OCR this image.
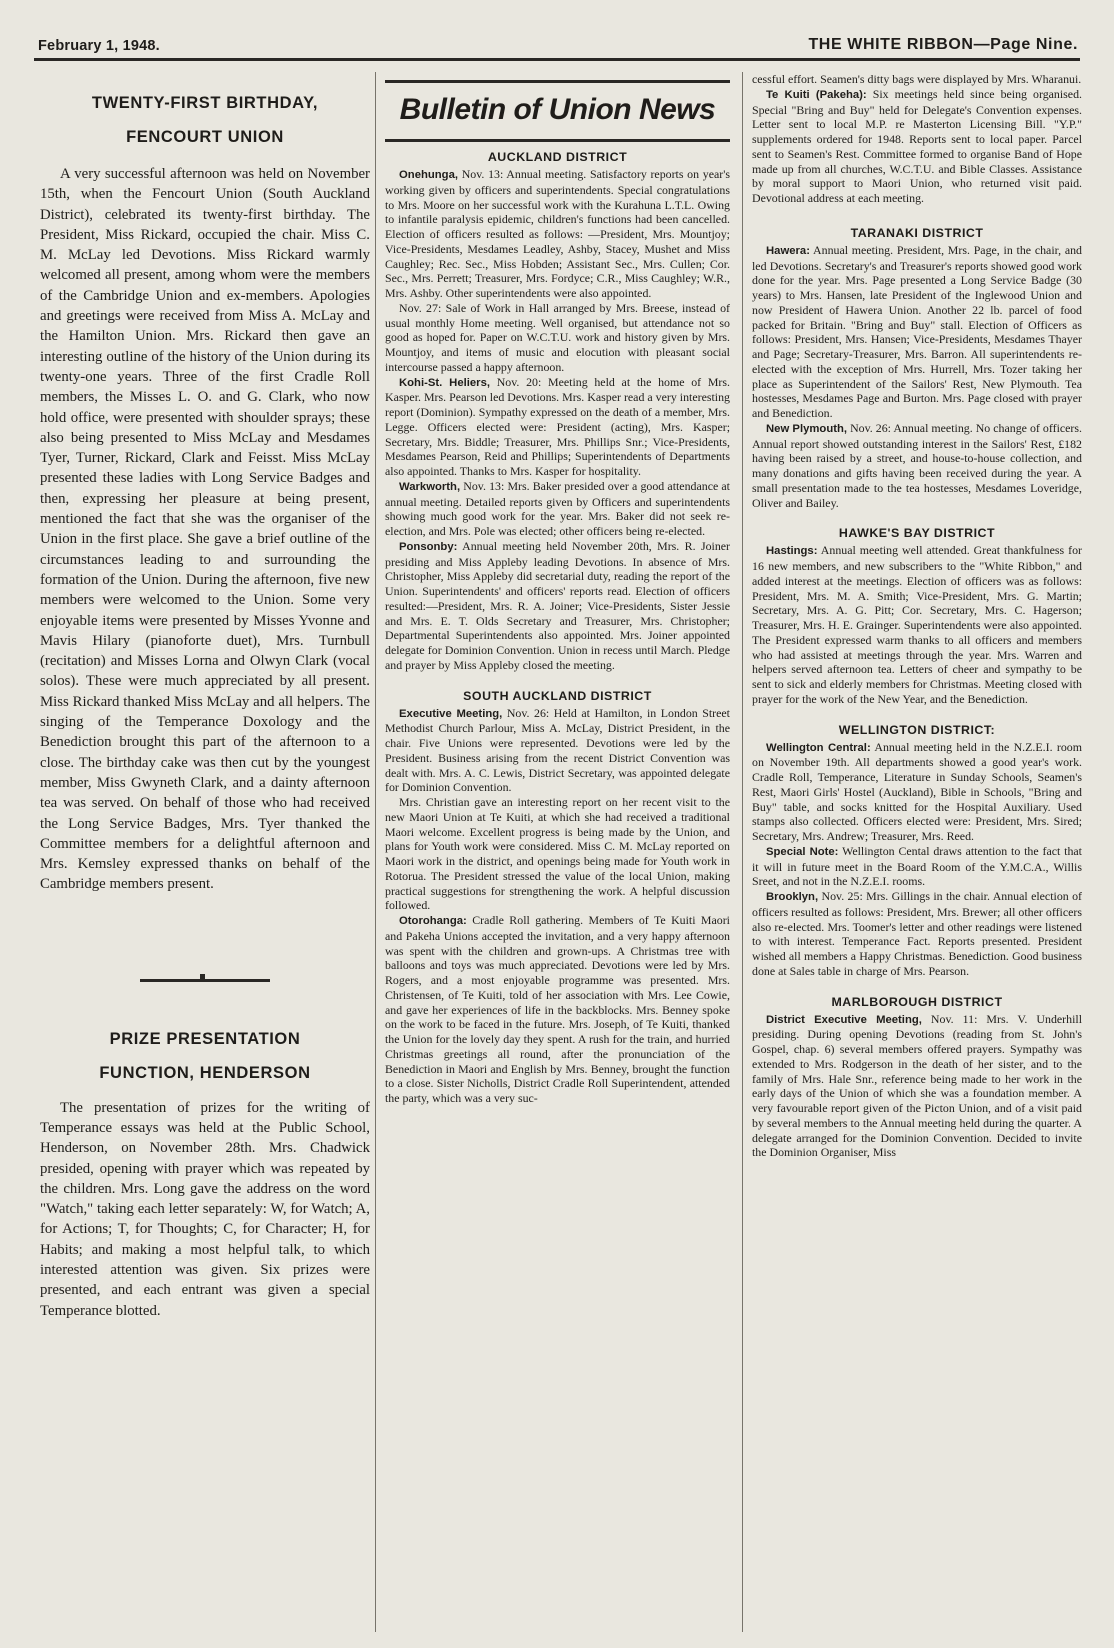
February 1, 1948.	THE WHITE RIBBON—Page Nine.
TWENTY-FIRST BIRTHDAY,
FENCOURT UNION

A very successful afternoon was held on November 15th, when the Fencourt Union (South Auckland District), celebrated its twenty-first birthday. The President, Miss Rickard, occupied the chair. Miss C. M. McLay led Devotions. Miss Rickard warmly welcomed all present, among whom were the members of the Cambridge Union and ex-members. Apologies and greetings were received from Miss A. McLay and the Hamilton Union. Mrs. Rickard then gave an interesting outline of the history of the Union during its twenty-one years. Three of the first Cradle Roll members, the Misses L. O. and G. Clark, who now hold office, were presented with shoulder sprays; these also being presented to Miss McLay and Mesdames Tyer, Turner, Rickard, Clark and Feisst. Miss McLay presented these ladies with Long Service Badges and then, expressing her pleasure at being present, mentioned the fact that she was the organiser of the Union in the first place. She gave a brief outline of the circumstances leading to and surrounding the formation of the Union. During the afternoon, five new members were welcomed to the Union. Some very enjoyable items were presented by Misses Yvonne and Mavis Hilary (pianoforte duet), Mrs. Turnbull (recitation) and Misses Lorna and Olwyn Clark (vocal solos). These were much appreciated by all present. Miss Rickard thanked Miss McLay and all helpers. The singing of the Temperance Doxology and the Benediction brought this part of the afternoon to a close. The birthday cake was then cut by the youngest member, Miss Gwyneth Clark, and a dainty afternoon tea was served. On behalf of those who had received the Long Service Badges, Mrs. Tyer thanked the Committee members for a delightful afternoon and Mrs. Kemsley expressed thanks on behalf of the Cambridge members present.

PRIZE PRESENTATION
FUNCTION, HENDERSON

The presentation of prizes for the writing of Temperance essays was held at the Public School, Henderson, on November 28th. Mrs. Chadwick presided, opening with prayer which was repeated by the children. Mrs. Long gave the address on the word "Watch," taking each letter separately: W, for Watch; A, for Actions; T, for Thoughts; C, for Character; H, for Habits; and making a most helpful talk, to which interested attention was given. Six prizes were presented, and each entrant was given a special Temperance blotted.

Bulletin of Union News
AUCKLAND DISTRICT

Onehunga, Nov. 13: Annual meeting. Satisfactory reports on year's working given by officers and superintendents. Special congratulations to Mrs. Moore on her successful work with the Kurahuna L.T.L. Owing to infantile paralysis epidemic, children's functions had been cancelled. Election of officers resulted as follows: —President, Mrs. Mountjoy; Vice-Presidents, Mesdames Leadley, Ashby, Stacey, Mushet and Miss Caughley; Rec. Sec., Miss Hobden; Assistant Sec., Mrs. Cullen; Cor. Sec., Mrs. Perrett; Treasurer, Mrs. Fordyce; C.R., Miss Caughley; W.R., Mrs. Ashby. Other superintendents were also appointed.

Nov. 27: Sale of Work in Hall arranged by Mrs. Breese, instead of usual monthly Home meeting. Well organised, but attendance not so good as hoped for. Paper on W.C.T.U. work and history given by Mrs. Mountjoy, and items of music and elocution with pleasant social intercourse passed a happy afternoon.

Kohi-St. Heliers, Nov. 20: Meeting held at the home of Mrs. Kasper. Mrs. Pearson led Devotions. Mrs. Kasper read a very interesting report (Dominion). Sympathy expressed on the death of a member, Mrs. Legge. Officers elected were: President (acting), Mrs. Kasper; Secretary, Mrs. Biddle; Treasurer, Mrs. Phillips Snr.; Vice-Presidents, Mesdames Pearson, Reid and Phillips; Superintendents of Departments also appointed. Thanks to Mrs. Kasper for hospitality.

Warkworth, Nov. 13: Mrs. Baker presided over a good attendance at annual meeting. Detailed reports given by Officers and superintendents showing much good work for the year. Mrs. Baker did not seek re-election, and Mrs. Pole was elected; other officers being re-elected.

Ponsonby: Annual meeting held November 20th, Mrs. R. Joiner presiding and Miss Appleby leading Devotions. In absence of Mrs. Christopher, Miss Appleby did secretarial duty, reading the report of the Union. Superintendents' and officers' reports read. Election of officers resulted:—President, Mrs. R. A. Joiner; Vice-Presidents, Sister Jessie and Mrs. E. T. Olds Secretary and Treasurer, Mrs. Christopher; Departmental Superintendents also appointed. Mrs. Joiner appointed delegate for Dominion Convention. Union in recess until March. Pledge and prayer by Miss Appleby closed the meeting.

SOUTH AUCKLAND DISTRICT

Executive Meeting, Nov. 26: Held at Hamilton, in London Street Methodist Church Parlour, Miss A. McLay, District President, in the chair. Five Unions were represented. Devotions were led by the President. Business arising from the recent District Convention was dealt with. Mrs. A. C. Lewis, District Secretary, was appointed delegate for Dominion Convention.

Mrs. Christian gave an interesting report on her recent visit to the new Maori Union at Te Kuiti, at which she had received a traditional Maori welcome. Excellent progress is being made by the Union, and plans for Youth work were considered. Miss C. M. McLay reported on Maori work in the district, and openings being made for Youth work in Rotorua. The President stressed the value of the local Union, making practical suggestions for strengthening the work. A helpful discussion followed.

Otorohanga: Cradle Roll gathering. Members of Te Kuiti Maori and Pakeha Unions accepted the invitation, and a very happy afternoon was spent with the children and grown-ups. A Christmas tree with balloons and toys was much appreciated. Devotions were led by Mrs. Rogers, and a most enjoyable programme was presented. Mrs. Christensen, of Te Kuiti, told of her association with Mrs. Lee Cowie, and gave her experiences of life in the backblocks. Mrs. Benney spoke on the work to be faced in the future. Mrs. Joseph, of Te Kuiti, thanked the Union for the lovely day they spent. A rush for the train, and hurried Christmas greetings all round, after the pronunciation of the Benediction in Maori and English by Mrs. Benney, brought the function to a close. Sister Nicholls, District Cradle Roll Superintendent, attended the party, which was a very suc-

cessful effort. Seamen's ditty bags were displayed by Mrs. Wharanui.

Te Kuiti (Pakeha): Six meetings held since being organised. Special "Bring and Buy" held for Delegate's Convention expenses. Letter sent to local M.P. re Masterton Licensing Bill. "Y.P." supplements ordered for 1948. Reports sent to local paper. Parcel sent to Seamen's Rest. Committee formed to organise Band of Hope made up from all churches, W.C.T.U. and Bible Classes. Assistance by moral support to Maori Union, who returned visit paid. Devotional address at each meeting.

TARANAKI DISTRICT

Hawera: Annual meeting. President, Mrs. Page, in the chair, and led Devotions. Secretary's and Treasurer's reports showed good work done for the year. Mrs. Page presented a Long Service Badge (30 years) to Mrs. Hansen, late President of the Inglewood Union and now President of Hawera Union. Another 22 lb. parcel of food packed for Britain. "Bring and Buy" stall. Election of Officers as follows: President, Mrs. Hansen; Vice-Presidents, Mesdames Thayer and Page; Secretary-Treasurer, Mrs. Barron. All superintendents re-elected with the exception of Mrs. Hurrell, Mrs. Tozer taking her place as Superintendent of the Sailors' Rest, New Plymouth. Tea hostesses, Mesdames Page and Burton. Mrs. Page closed with prayer and Benediction.

New Plymouth, Nov. 26: Annual meeting. No change of officers. Annual report showed outstanding interest in the Sailors' Rest, £182 having been raised by a street, and house-to-house collection, and many donations and gifts having been received during the year. A small presentation made to the tea hostesses, Mesdames Loveridge, Oliver and Bailey.

HAWKE'S BAY DISTRICT

Hastings: Annual meeting well attended. Great thankfulness for 16 new members, and new subscribers to the "White Ribbon," and added interest at the meetings. Election of officers was as follows: President, Mrs. M. A. Smith; Vice-President, Mrs. G. Martin; Secretary, Mrs. A. G. Pitt; Cor. Secretary, Mrs. C. Hagerson; Treasurer, Mrs. H. E. Grainger. Superintendents were also appointed. The President expressed warm thanks to all officers and members who had assisted at meetings through the year. Mrs. Warren and helpers served afternoon tea. Letters of cheer and sympathy to be sent to sick and elderly members for Christmas. Meeting closed with prayer for the work of the New Year, and the Benediction.

WELLINGTON DISTRICT:

Wellington Central: Annual meeting held in the N.Z.E.I. room on November 19th. All departments showed a good year's work. Cradle Roll, Temperance, Literature in Sunday Schools, Seamen's Rest, Maori Girls' Hostel (Auckland), Bible in Schools, "Bring and Buy" table, and socks knitted for the Hospital Auxiliary. Used stamps also collected. Officers elected were: President, Mrs. Sired; Secretary, Mrs. Andrew; Treasurer, Mrs. Reed.

Special Note: Wellington Cental draws attention to the fact that it will in future meet in the Board Room of the Y.M.C.A., Willis Sreet, and not in the N.Z.E.I. rooms.

Brooklyn, Nov. 25: Mrs. Gillings in the chair. Annual election of officers resulted as follows: President, Mrs. Brewer; all other officers also re-elected. Mrs. Toomer's letter and other readings were listened to with interest. Temperance Fact. Reports presented. President wished all members a Happy Christmas. Benediction. Good business done at Sales table in charge of Mrs. Pearson.

MARLBOROUGH DISTRICT

District Executive Meeting, Nov. 11: Mrs. V. Underhill presiding. During opening Devotions (reading from St. John's Gospel, chap. 6) several members offered prayers. Sympathy was extended to Mrs. Rodgerson in the death of her sister, and to the family of Mrs. Hale Snr., reference being made to her work in the early days of the Union of which she was a foundation member. A very favourable report given of the Picton Union, and of a visit paid by several members to the Annual meeting held during the quarter. A delegate arranged for the Dominion Convention. Decided to invite the Dominion Organiser, Miss
